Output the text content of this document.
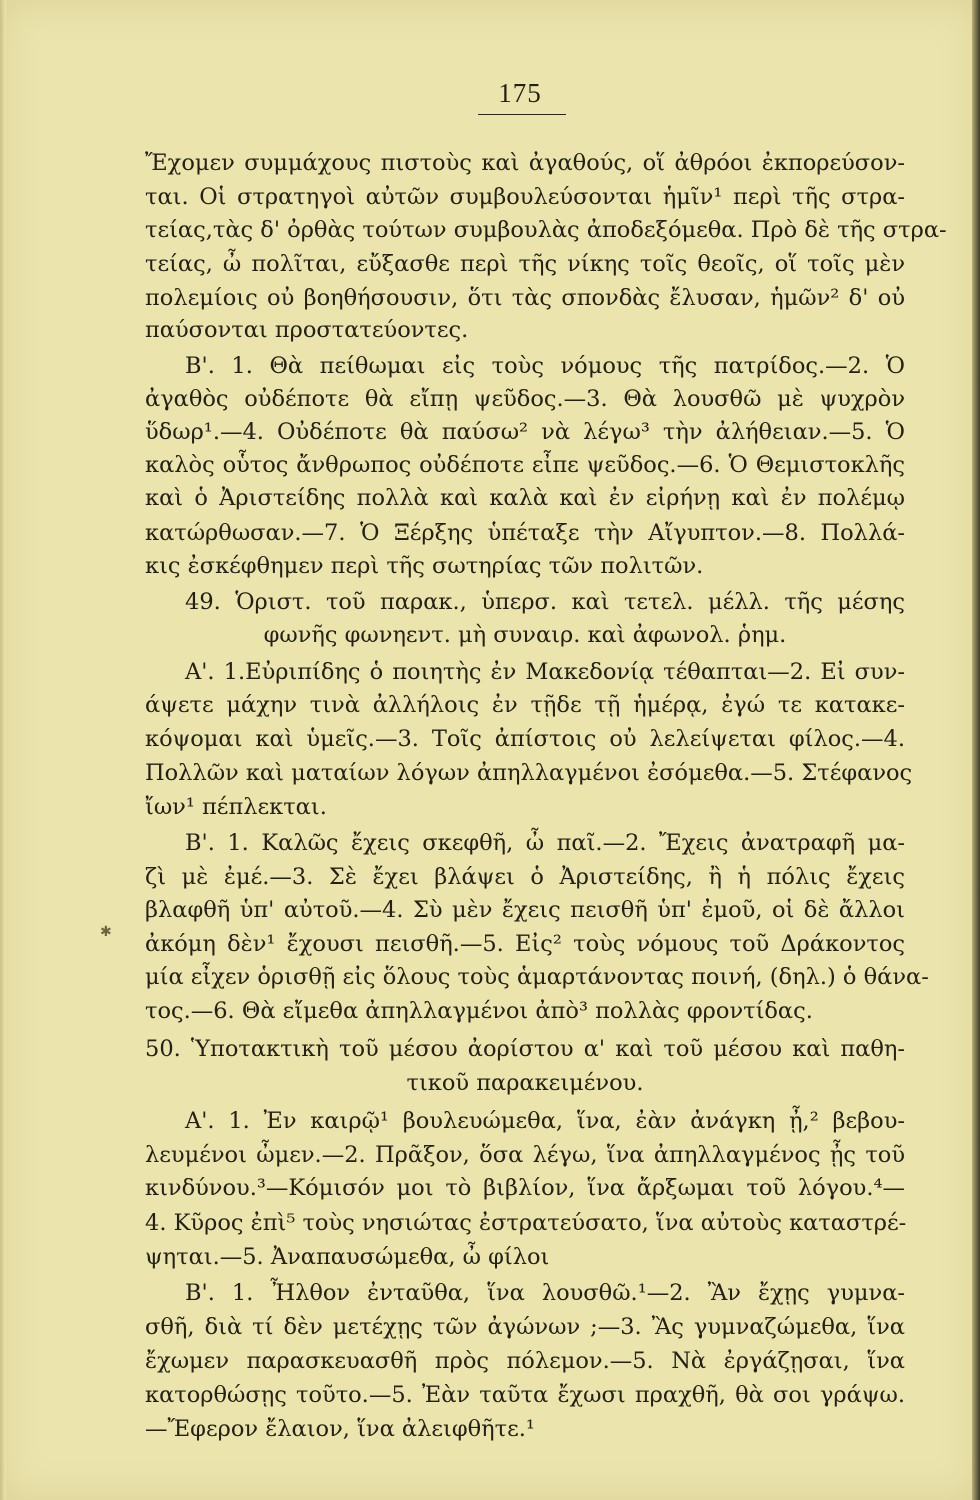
175
Ἔχομεν συμμάχους πιστοὺς καὶ ἀγαθούς, οἵ ἀθρόοι ἐκπορεύσον-
ται. Οἱ στρατηγοὶ αὐτῶν συμβουλεύσονται ἡμῖν¹ περὶ τῆς στρα-
τείας,τὰς δ' ὀρθὰς τούτων συμβουλὰς ἀποδεξόμεθα. Πρὸ δὲ τῆς στρα-
τείας, ὦ πολῖται, εὔξασθε περὶ τῆς νίκης τοῖς θεοῖς, οἵ τοῖς μὲν
πολεμίοις οὐ βοηθήσουσιν, ὅτι τὰς σπονδὰς ἔλυσαν, ἡμῶν² δ' οὐ
παύσονται προστατεύοντες.
Β'. 1. Θὰ πείθωμαι εἰς τοὺς νόμους τῆς πατρίδος.—2. Ὁ
ἀγαθὸς οὐδέποτε θὰ εἴπῃ ψεῦδος.—3. Θὰ λουσθῶ μὲ ψυχρὸν
ὕδωρ¹.—4. Οὐδέποτε θὰ παύσω² νὰ λέγω³ τὴν ἀλήθειαν.—5. Ὁ
καλὸς οὗτος ἄνθρωπος οὐδέποτε εἶπε ψεῦδος.—6. Ὁ Θεμιστοκλῆς
καὶ ὁ Ἀριστείδης πολλὰ καὶ καλὰ καὶ ἐν εἰρήνῃ καὶ ἐν πολέμῳ
κατώρθωσαν.—7. Ὁ Ξέρξης ὑπέταξε τὴν Αἴγυπτον.—8. Πολλά-
κις ἐσκέφθημεν περὶ τῆς σωτηρίας τῶν πολιτῶν.
49. Ὁριστ. τοῦ παρακ., ὑπερσ. καὶ τετελ. μέλλ. τῆς μέσης
φωνῆς φωνηεντ. μὴ συναιρ. καὶ ἀφωνολ. ῥημ.
Α'. 1.Εὐριπίδης ὁ ποιητὴς ἐν Μακεδονίᾳ τέθαπται—2. Εἰ συν-
άψετε μάχην τινὰ ἀλλήλοις ἐν τῇδε τῇ ἡμέρᾳ, ἐγώ τε κατακε-
κόψομαι καὶ ὑμεῖς.—3. Τοῖς ἀπίστοις οὐ λελείψεται φίλος.—4.
Πολλῶν καὶ ματαίων λόγων ἀπηλλαγμένοι ἐσόμεθα.—5. Στέφανος
ἴων¹ πέπλεκται.
Β'. 1. Καλῶς ἔχεις σκεφθῆ, ὦ παῖ.—2. Ἔχεις ἀνατραφῆ μα-
ζὶ μὲ ἐμέ.—3. Σὲ ἔχει βλάψει ὁ Ἀριστείδης, ἢ ἡ πόλις ἔχεις
βλαφθῆ ὑπ' αὐτοῦ.—4. Σὺ μὲν ἔχεις πεισθῆ ὑπ' ἐμοῦ, οἱ δὲ ἄλλοι
ἀκόμη δὲν¹ ἔχουσι πεισθῆ.—5. Εἰς² τοὺς νόμους τοῦ Δράκοντος
μία εἶχεν ὁρισθῇ εἰς ὅλους τοὺς ἁμαρτάνοντας ποινή, (δηλ.) ὁ θάνα-
τος.—6. Θὰ εἴμεθα ἀπηλλαγμένοι ἀπὸ³ πολλὰς φροντίδας.
50. Ὑποτακτικὴ τοῦ μέσου ἀορίστου α' καὶ τοῦ μέσου καὶ παθη-
τικοῦ παρακειμένου.
Α'. 1. Ἐν καιρῷ¹ βουλευώμεθα, ἵνα, ἐὰν ἀνάγκη ᾖ,² βεβου-
λευμένοι ὦμεν.—2. Πρᾶξον, ὅσα λέγω, ἵνα ἀπηλλαγμένος ᾖς τοῦ
κινδύνου.³—Κόμισόν μοι τὸ βιβλίον, ἵνα ἄρξωμαι τοῦ λόγου.⁴—
4. Κῦρος ἐπὶ⁵ τοὺς νησιώτας ἐστρατεύσατο, ἵνα αὐτοὺς καταστρέ-
ψηται.—5. Ἀναπαυσώμεθα, ὦ φίλοι
Β'. 1. Ἦλθον ἐνταῦθα, ἵνα λουσθῶ.¹—2. Ἂν ἔχῃς γυμνα-
σθῆ, διὰ τί δὲν μετέχῃς τῶν ἀγώνων ;—3. Ἂς γυμναζώμεθα, ἵνα
ἔχωμεν παρασκευασθῆ πρὸς πόλεμον.—5. Νὰ ἐργάζῃσαι, ἵνα
κατορθώσῃς τοῦτο.—5. Ἐὰν ταῦτα ἔχωσι πραχθῆ, θὰ σοι γράψω.
—Ἔφερον ἔλαιον, ἵνα ἀλειφθῆτε.¹
✱
